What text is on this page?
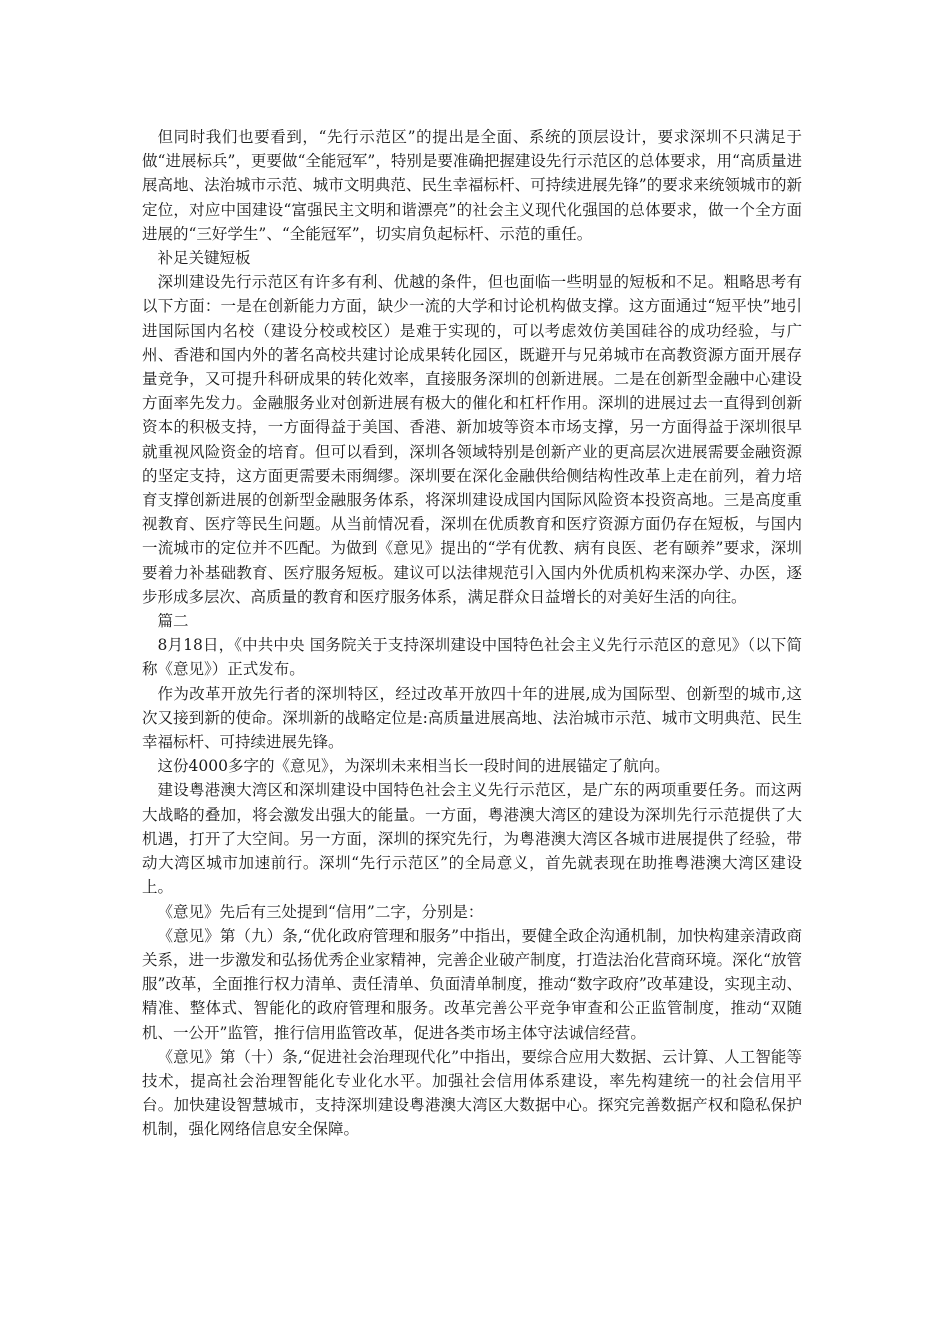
但同时我们也要看到，“先行示范区”的提出是全面、系统的顶层设计，要求深圳不只满足于做“进展标兵”，更要做“全能冠军”，特别是要准确把握建设先行示范区的总体要求，用“高质量进展高地、法治城市示范、城市文明典范、民生幸福标杆、可持续进展先锋”的要求来统领城市的新定位，对应中国建设“富强民主文明和谐漂亮”的社会主义现代化强国的总体要求，做一个全方面进展的“三好学生”、“全能冠军”，切实肩负起标杆、示范的重任。

补足关键短板

深圳建设先行示范区有许多有利、优越的条件，但也面临一些明显的短板和不足。粗略思考有以下方面：一是在创新能力方面，缺少一流的大学和讨论机构做支撑。这方面通过“短平快”地引进国际国内名校（建设分校或校区）是难于实现的，可以考虑效仿美国硅谷的成功经验，与广州、香港和国内外的著名高校共建讨论成果转化园区，既避开与兄弟城市在高教资源方面开展存量竞争，又可提升科研成果的转化效率，直接服务深圳的创新进展。二是在创新型金融中心建设方面率先发力。金融服务业对创新进展有极大的催化和杠杆作用。深圳的进展过去一直得到创新资本的积极支持，一方面得益于美国、香港、新加坡等资本市场支撑，另一方面得益于深圳很早就重视风险资金的培育。但可以看到，深圳各领域特别是创新产业的更高层次进展需要金融资源的坚定支持，这方面更需要未雨绸缪。深圳要在深化金融供给侧结构性改革上走在前列，着力培育支撑创新进展的创新型金融服务体系，将深圳建设成国内国际风险资本投资高地。三是高度重视教育、医疗等民生问题。从当前情况看，深圳在优质教育和医疗资源方面仍存在短板，与国内一流城市的定位并不匹配。为做到《意见》提出的“学有优教、病有良医、老有颐养”要求，深圳要着力补基础教育、医疗服务短板。建议可以法律规范引入国内外优质机构来深办学、办医，逐步形成多层次、高质量的教育和医疗服务体系，满足群众日益增长的对美好生活的向往。

篇二

8月18日，《中共中央 国务院关于支持深圳建设中国特色社会主义先行示范区的意见》（以下简称《意见》）正式发布。

作为改革开放先行者的深圳特区，经过改革开放四十年的进展,成为国际型、创新型的城市,这次又接到新的使命。深圳新的战略定位是:高质量进展高地、法治城市示范、城市文明典范、民生幸福标杆、可持续进展先锋。

这份4000多字的《意见》，为深圳未来相当长一段时间的进展锚定了航向。

建设粤港澳大湾区和深圳建设中国特色社会主义先行示范区，是广东的两项重要任务。而这两大战略的叠加，将会激发出强大的能量。一方面，粤港澳大湾区的建设为深圳先行示范提供了大机遇，打开了大空间。另一方面，深圳的探究先行，为粤港澳大湾区各城市进展提供了经验，带动大湾区城市加速前行。深圳“先行示范区”的全局意义，首先就表现在助推粤港澳大湾区建设上。

《意见》先后有三处提到“信用”二字，分别是：

《意见》第（九）条,“优化政府管理和服务”中指出，要健全政企沟通机制，加快构建亲清政商关系，进一步激发和弘扬优秀企业家精神，完善企业破产制度，打造法治化营商环境。深化“放管服”改革，全面推行权力清单、责任清单、负面清单制度，推动“数字政府”改革建设，实现主动、精准、整体式、智能化的政府管理和服务。改革完善公平竞争审查和公正监管制度，推动“双随机、一公开”监管，推行信用监管改革，促进各类市场主体守法诚信经营。

《意见》第（十）条,“促进社会治理现代化”中指出，要综合应用大数据、云计算、人工智能等技术，提高社会治理智能化专业化水平。加强社会信用体系建设，率先构建统一的社会信用平台。加快建设智慧城市，支持深圳建设粤港澳大湾区大数据中心。探究完善数据产权和隐私保护机制，强化网络信息安全保障。
